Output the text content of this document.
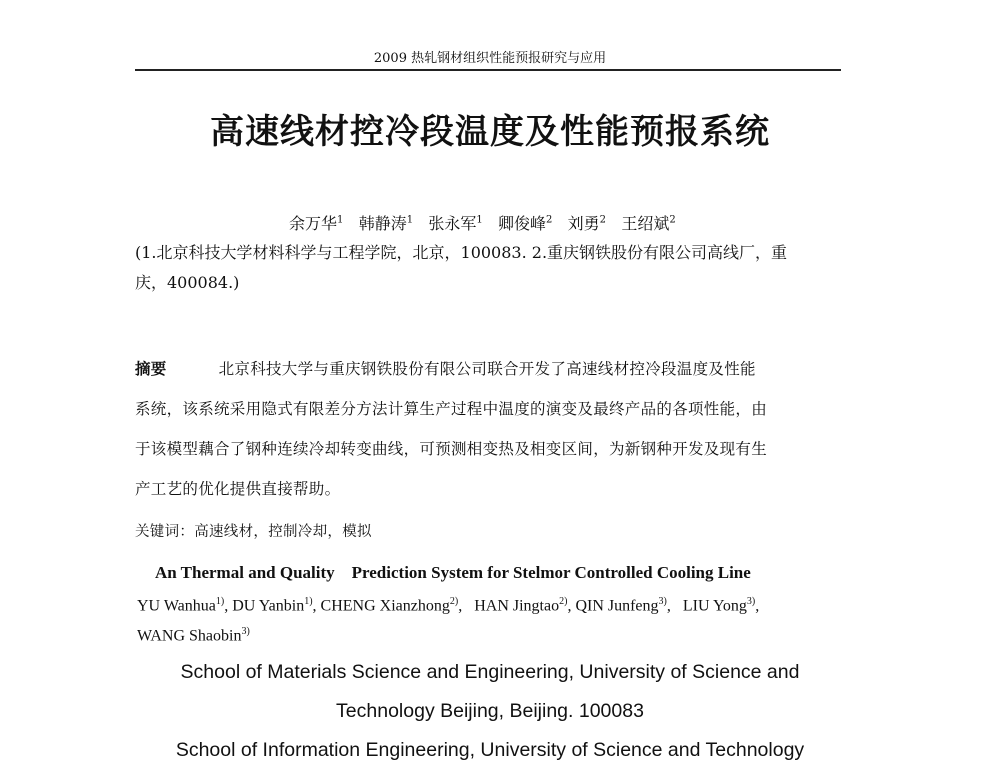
2009 热轧钢材组织性能预报研究与应用
高速线材控冷段温度及性能预报系统
余万华$^1$ 韩静涛$^1$ 张永军$^1$ 卿俊峰$^2$ 刘勇$^2$ 王绍斌$^2$
(1.北京科技大学材料科学与工程学院，北京，100083. 2.重庆钢铁股份有限公司高线厂，重
庆，400084.)
摘要	北京科技大学与重庆钢铁股份有限公司联合开发了高速线材控冷段温度及性能
系统，该系统采用隐式有限差分方法计算生产过程中温度的演变及最终产品的各项性能，由
于该模型藕合了钢种连续冷却转变曲线，可预测相变热及相变区间，为新钢种开发及现有生
产工艺的优化提供直接帮助。
关键词：高速线材，控制冷却，模拟
An Thermal and Quality    Prediction System for Stelmor Controlled Cooling Line
YU Wanhua$^{1)}$, DU Yanbin$^{1)}$, CHENG Xianzhong$^{2)}$,   HAN Jingtao$^{2)}$, QIN Junfeng$^{3)}$,   LIU Yong$^{3)}$,
WANG Shaobin$^{3)}$
School of Materials Science and Engineering, University of Science and
Technology Beijing, Beijing. 100083
School of Information Engineering, University of Science and Technology
